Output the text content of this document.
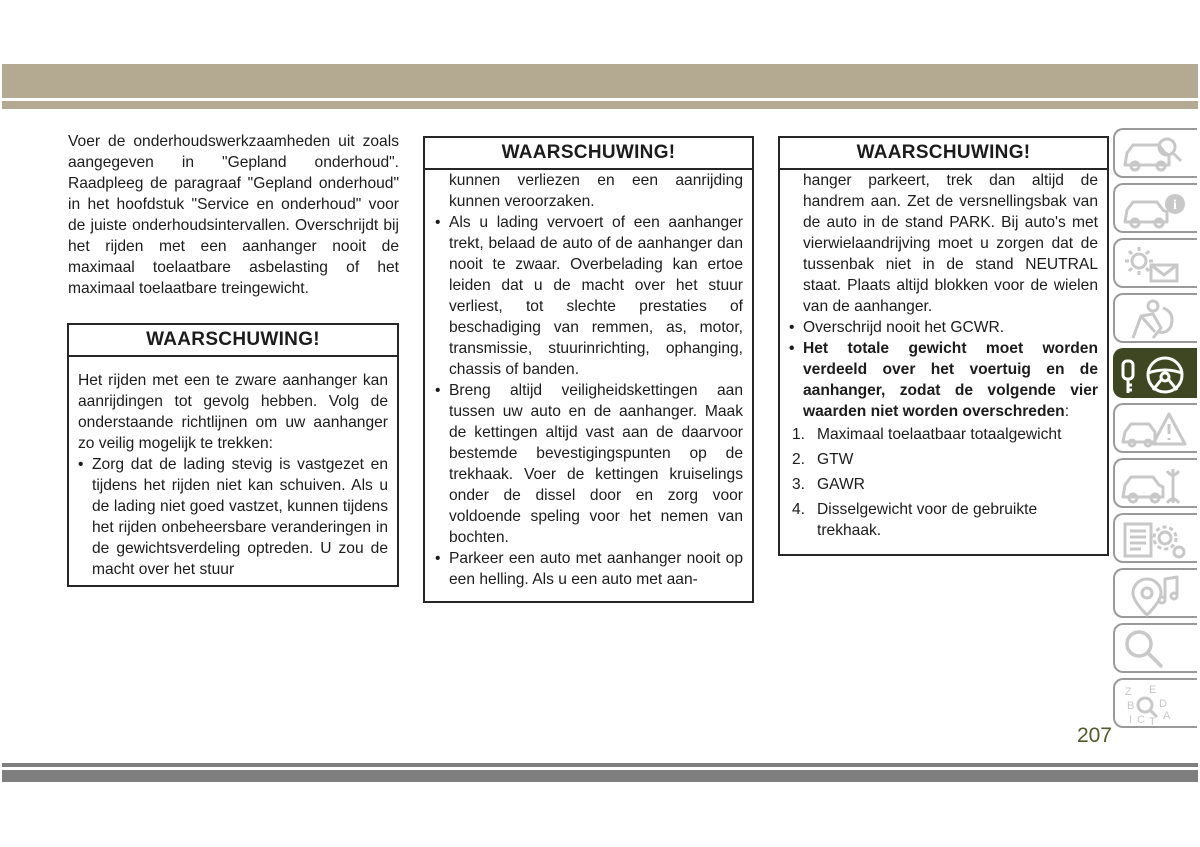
Voer de onderhoudswerkzaamheden uit zoals aangegeven in "Gepland onderhoud". Raadpleeg de paragraaf "Gepland onderhoud" in het hoofdstuk "Service en onderhoud" voor de juiste onderhoudsintervallen. Overschrijdt bij het rijden met een aanhanger nooit de maximaal toelaatbare asbelasting of het maximaal toelaatbare treingewicht.

WAARSCHUWING!

Het rijden met een te zware aanhanger kan aanrijdingen tot gevolg hebben. Volg de onderstaande richtlijnen om uw aanhanger zo veilig mogelijk te trekken:

• Zorg dat de lading stevig is vastgezet en tijdens het rijden niet kan schuiven. Als u de lading niet goed vastzet, kunnen tijdens het rijden onbeheersbare veranderingen in de gewichtsverdeling optreden. U zou de macht over het stuur
WAARSCHUWING!

kunnen verliezen en een aanrijding kunnen veroorzaken.

• Als u lading vervoert of een aanhanger trekt, belaad de auto of de aanhanger dan nooit te zwaar. Overbelading kan ertoe leiden dat u de macht over het stuur verliest, tot slechte prestaties of beschadiging van remmen, as, motor, transmissie, stuurinrichting, ophanging, chassis of banden.
• Breng altijd veiligheidskettingen aan tussen uw auto en de aanhanger. Maak de kettingen altijd vast aan de daarvoor bestemde bevestigingspunten op de trekhaak. Voer de kettingen kruiselings onder de dissel door en zorg voor voldoende speling voor het nemen van bochten.
• Parkeer een auto met aanhanger nooit op een helling. Als u een auto met aan-
WAARSCHUWING!

hanger parkeert, trek dan altijd de handrem aan. Zet de versnellingsbak van de auto in de stand PARK. Bij auto's met vierwielaandrijving moet u zorgen dat de tussenbak niet in de stand NEUTRAL staat. Plaats altijd blokken voor de wielen van de aanhanger.

• Overschrijd nooit het GCWR.
• Het totale gewicht moet worden verdeeld over het voertuig en de aanhanger, zodat de volgende vier waarden niet worden overschreden:
1. Maximaal toelaatbaar totaalgewicht
2. GTW
3. GAWR
4. Disselgewicht voor de gebruikte trekhaak.
i
Z E
B D
A
I C T
207
